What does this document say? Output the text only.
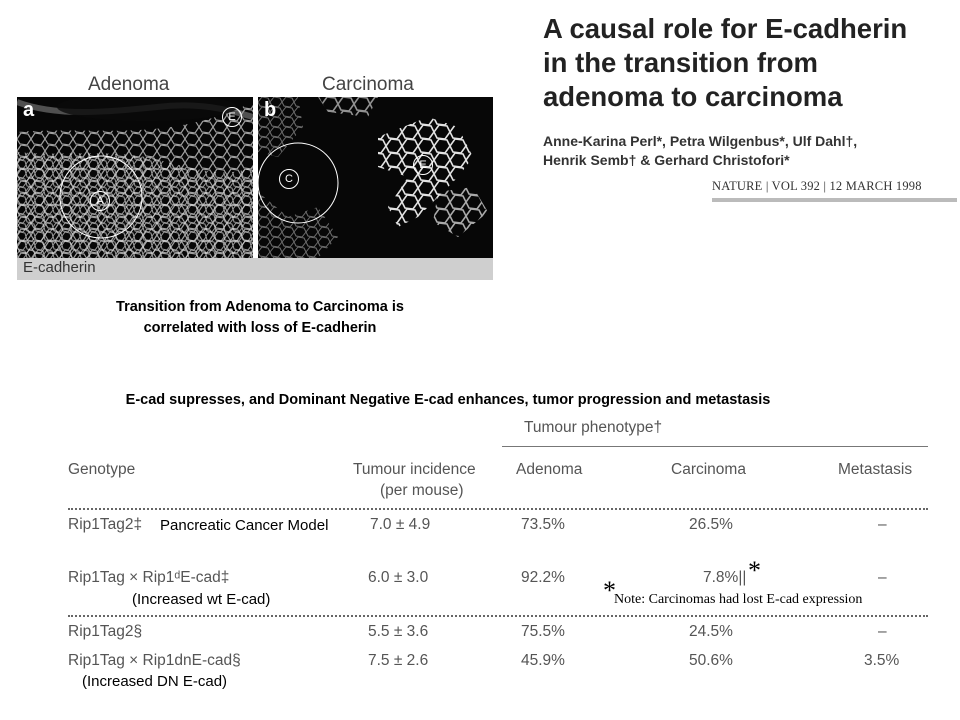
Adenoma	Carcinoma
a	E
A
b
C
E
E-cadherin
Transition from Adenoma to Carcinoma is
correlated with loss of E-cadherin
A causal role for E-cadherin
in the transition from
adenoma to carcinoma
Anne-Karina Perl*, Petra Wilgenbus*, Ulf Dahl†,
Henrik Semb† & Gerhard Christofori*
NATURE | VOL 392 | 12 MARCH 1998
E-cad supresses, and Dominant Negative E-cad enhances, tumor progression and metastasis
Tumour phenotype†
Genotype	Tumour incidence
(per mouse)
Adenoma	Carcinoma	Metastasis
Rip1Tag2‡	7.0 ± 4.9	73.5%	26.5%	–
Pancreatic Cancer Model
Rip1Tag × Rip1ᵈE-cad‡	6.0 ± 3.0	92.2%	7.8%||	–
(Increased wt E-cad)
*
*
Note: Carcinomas had lost E-cad expression
Rip1Tag2§	5.5 ± 3.6	75.5%	24.5%	–
Rip1Tag × Rip1dnE-cad§	7.5 ± 2.6	45.9%	50.6%	3.5%
(Increased DN E-cad)
